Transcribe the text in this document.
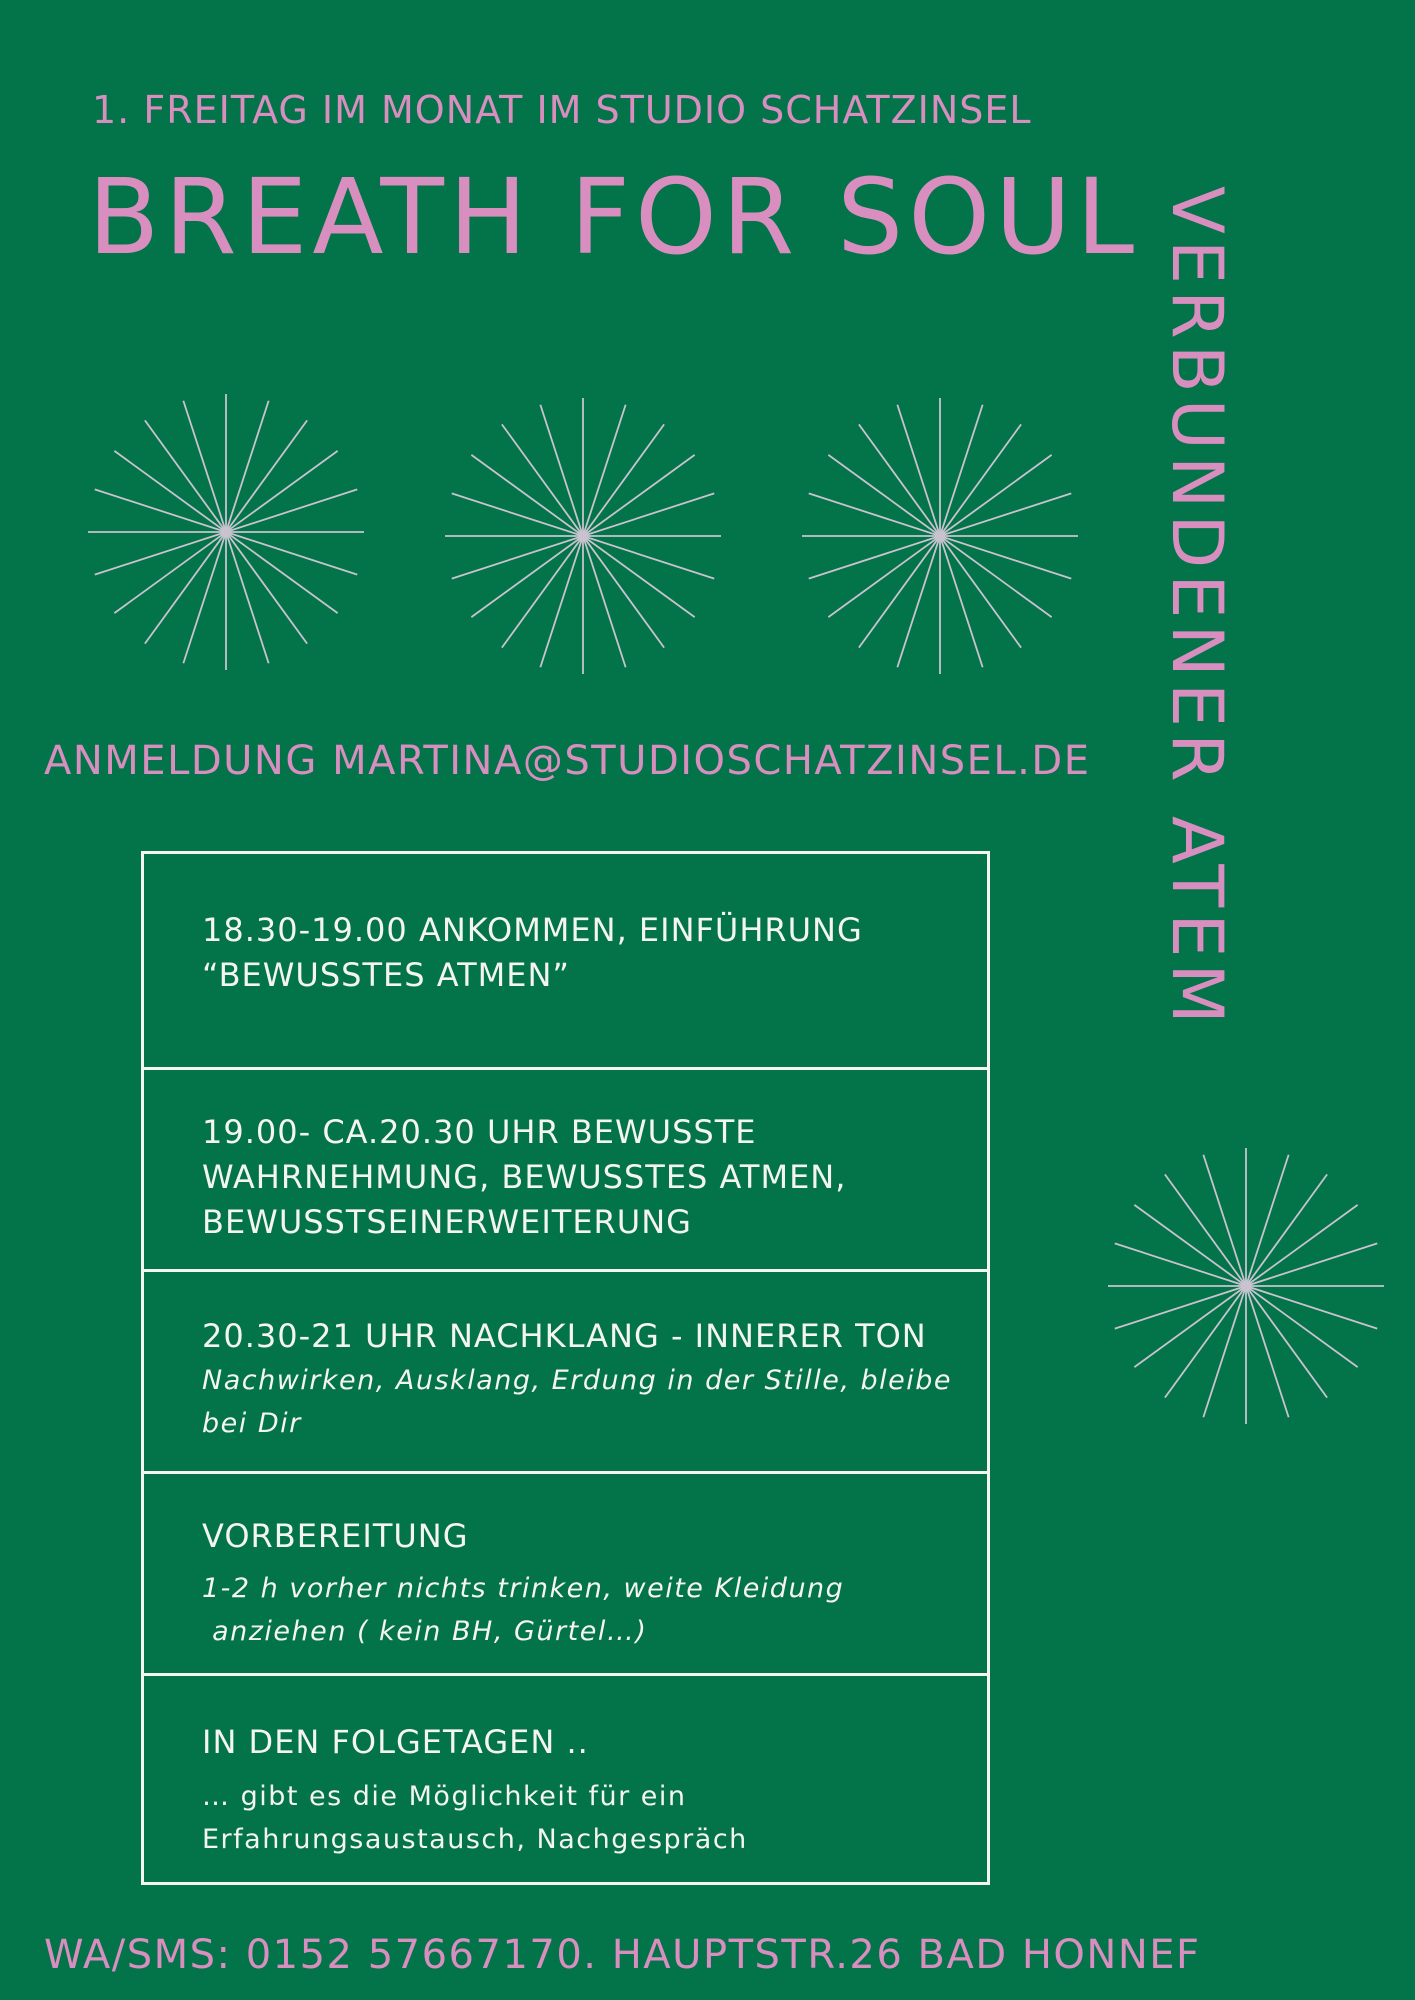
1. FREITAG IM MONAT IM STUDIO SCHATZINSEL
BREATH FOR SOUL VERBUNDENER ATEM
ANMELDUNG MARTINA@STUDIOSCHATZINSEL.DE
18.30-19.00 ANKOMMEN, EINFÜHRUNG
“BEWUSSTES ATMEN”
19.00- CA.20.30 UHR BEWUSSTE
WAHRNEHMUNG, BEWUSSTES ATMEN,
BEWUSSTSEINERWEITERUNG
20.30-21 UHR NACHKLANG - INNERER TON
Nachwirken, Ausklang, Erdung in der Stille, bleibe
bei Dir
VORBEREITUNG
1-2 h vorher nichts trinken, weite Kleidung
anziehen ( kein BH, Gürtel…)
IN DEN FOLGETAGEN ..
… gibt es die Möglichkeit für ein
Erfahrungsaustausch, Nachgespräch
WA/SMS: 0152 57667170. HAUPTSTR.26 BAD HONNEF
